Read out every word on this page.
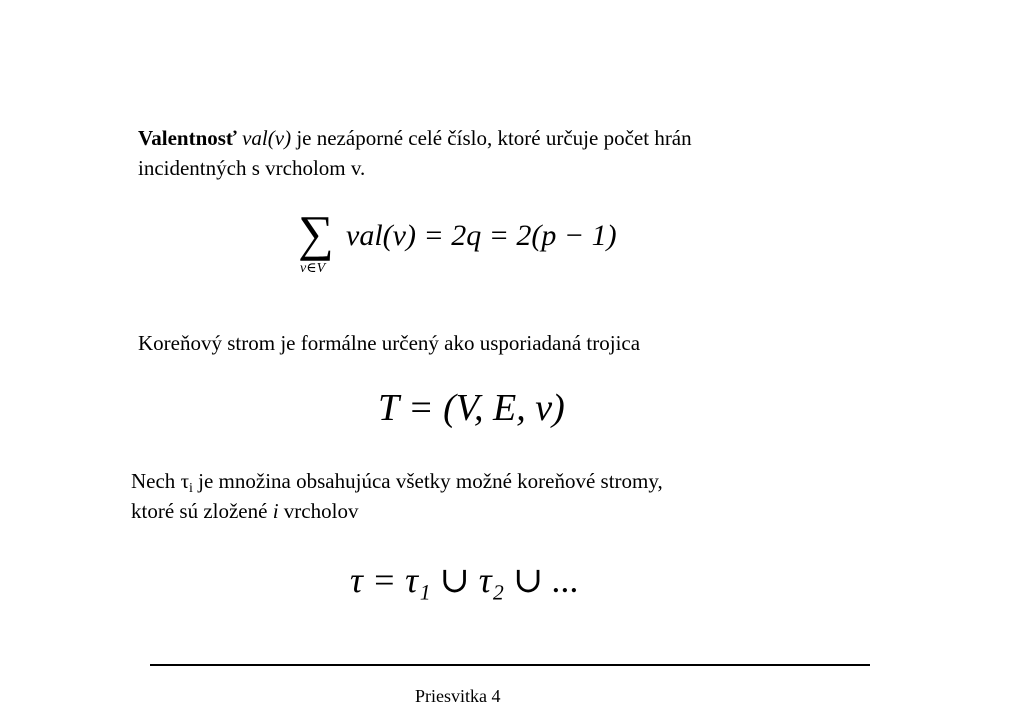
Valentnosť val(v) je nezáporné celé číslo, ktoré určuje počet hrán
incidentných s vrcholom v.
∑
v∈V
val(v) = 2q = 2(p − 1)
Koreňový strom je formálne určený ako usporiadaná trojica
T = (V, E, v)
Nech $\tau_i$ je množina obsahujúca všetky možné koreňové stromy,
ktoré sú zložené i vrcholov
τ = τ₁ ∪ τ₂ ∪ ...
Priesvitka 4
